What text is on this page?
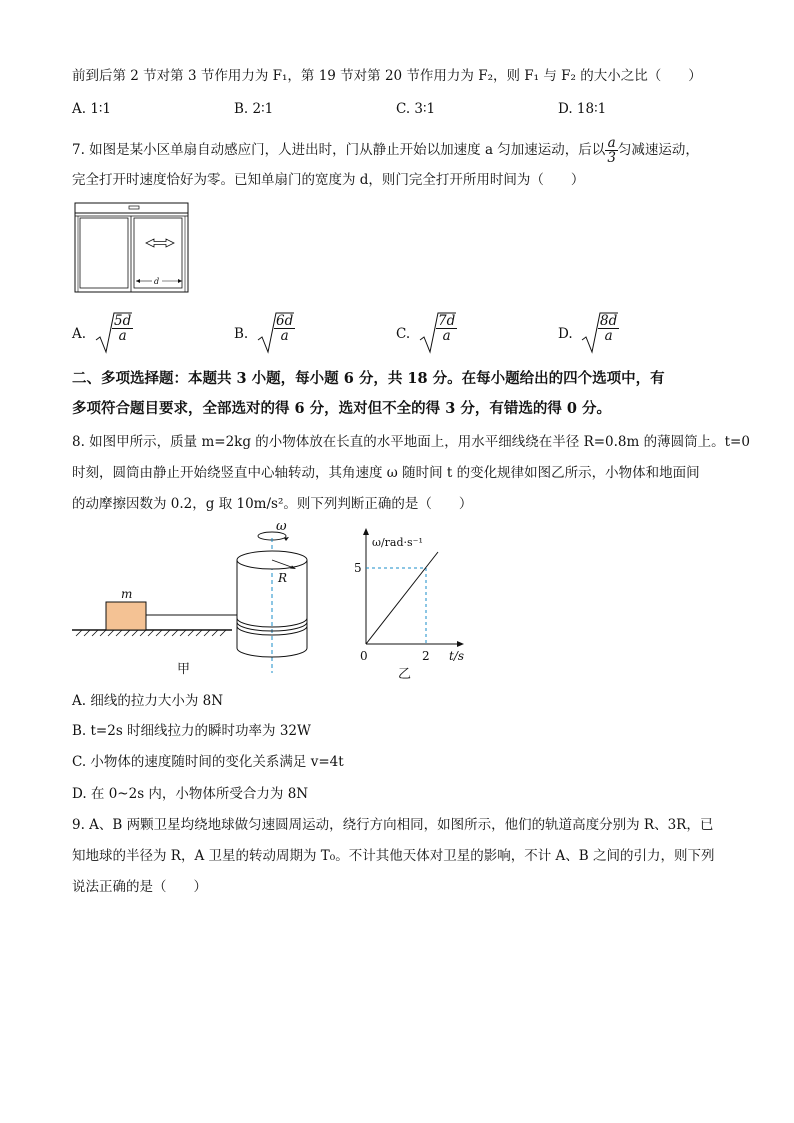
前到后第 2 节对第 3 节作用力为 F₁，第 19 节对第 20 节作用力为 F₂，则 F₁ 与 F₂ 的大小之比（　　）
A. 1∶1	B. 2∶1	C. 3∶1	D. 18∶1
7. 如图是某小区单扇自动感应门，人进出时，门从静止开始以加速度 a 匀加速运动，后以 $\frac{a}{3}$ 匀减速运动，
完全打开时速度恰好为零。已知单扇门的宽度为 d，则门完全打开所用时间为（　　）
d
A. $\frac{5d}{a}$	B. $\frac{6d}{a}$	C. $\frac{7d}{a}$	D. $\frac{8d}{a}$
二、多项选择题：本题共 3 小题，每小题 6 分，共 18 分。在每小题给出的四个选项中，有
多项符合题目要求，全部选对的得 6 分，选对但不全的得 3 分，有错选的得 0 分。
8. 如图甲所示，质量 m=2kg 的小物体放在长直的水平地面上，用水平细线绕在半径 R=0.8m 的薄圆筒上。t=0
时刻，圆筒由静止开始绕竖直中心轴转动，其角速度 ω 随时间 t 的变化规律如图乙所示，小物体和地面间
的动摩擦因数为 0.2，g 取 10m/s²。则下列判断正确的是（　　）
ω
R
m
甲
ω/rad·s⁻¹
5
2
0	t/s
乙
A. 细线的拉力大小为 8N
B. t=2s 时细线拉力的瞬时功率为 32W
C. 小物体的速度随时间的变化关系满足 v=4t
D. 在 0~2s 内，小物体所受合力为 8N
9. A、B 两颗卫星均绕地球做匀速圆周运动，绕行方向相同，如图所示，他们的轨道高度分别为 R、3R，已
知地球的半径为 R，A 卫星的转动周期为 T₀。不计其他天体对卫星的影响，不计 A、B 之间的引力，则下列
说法正确的是（　　）
